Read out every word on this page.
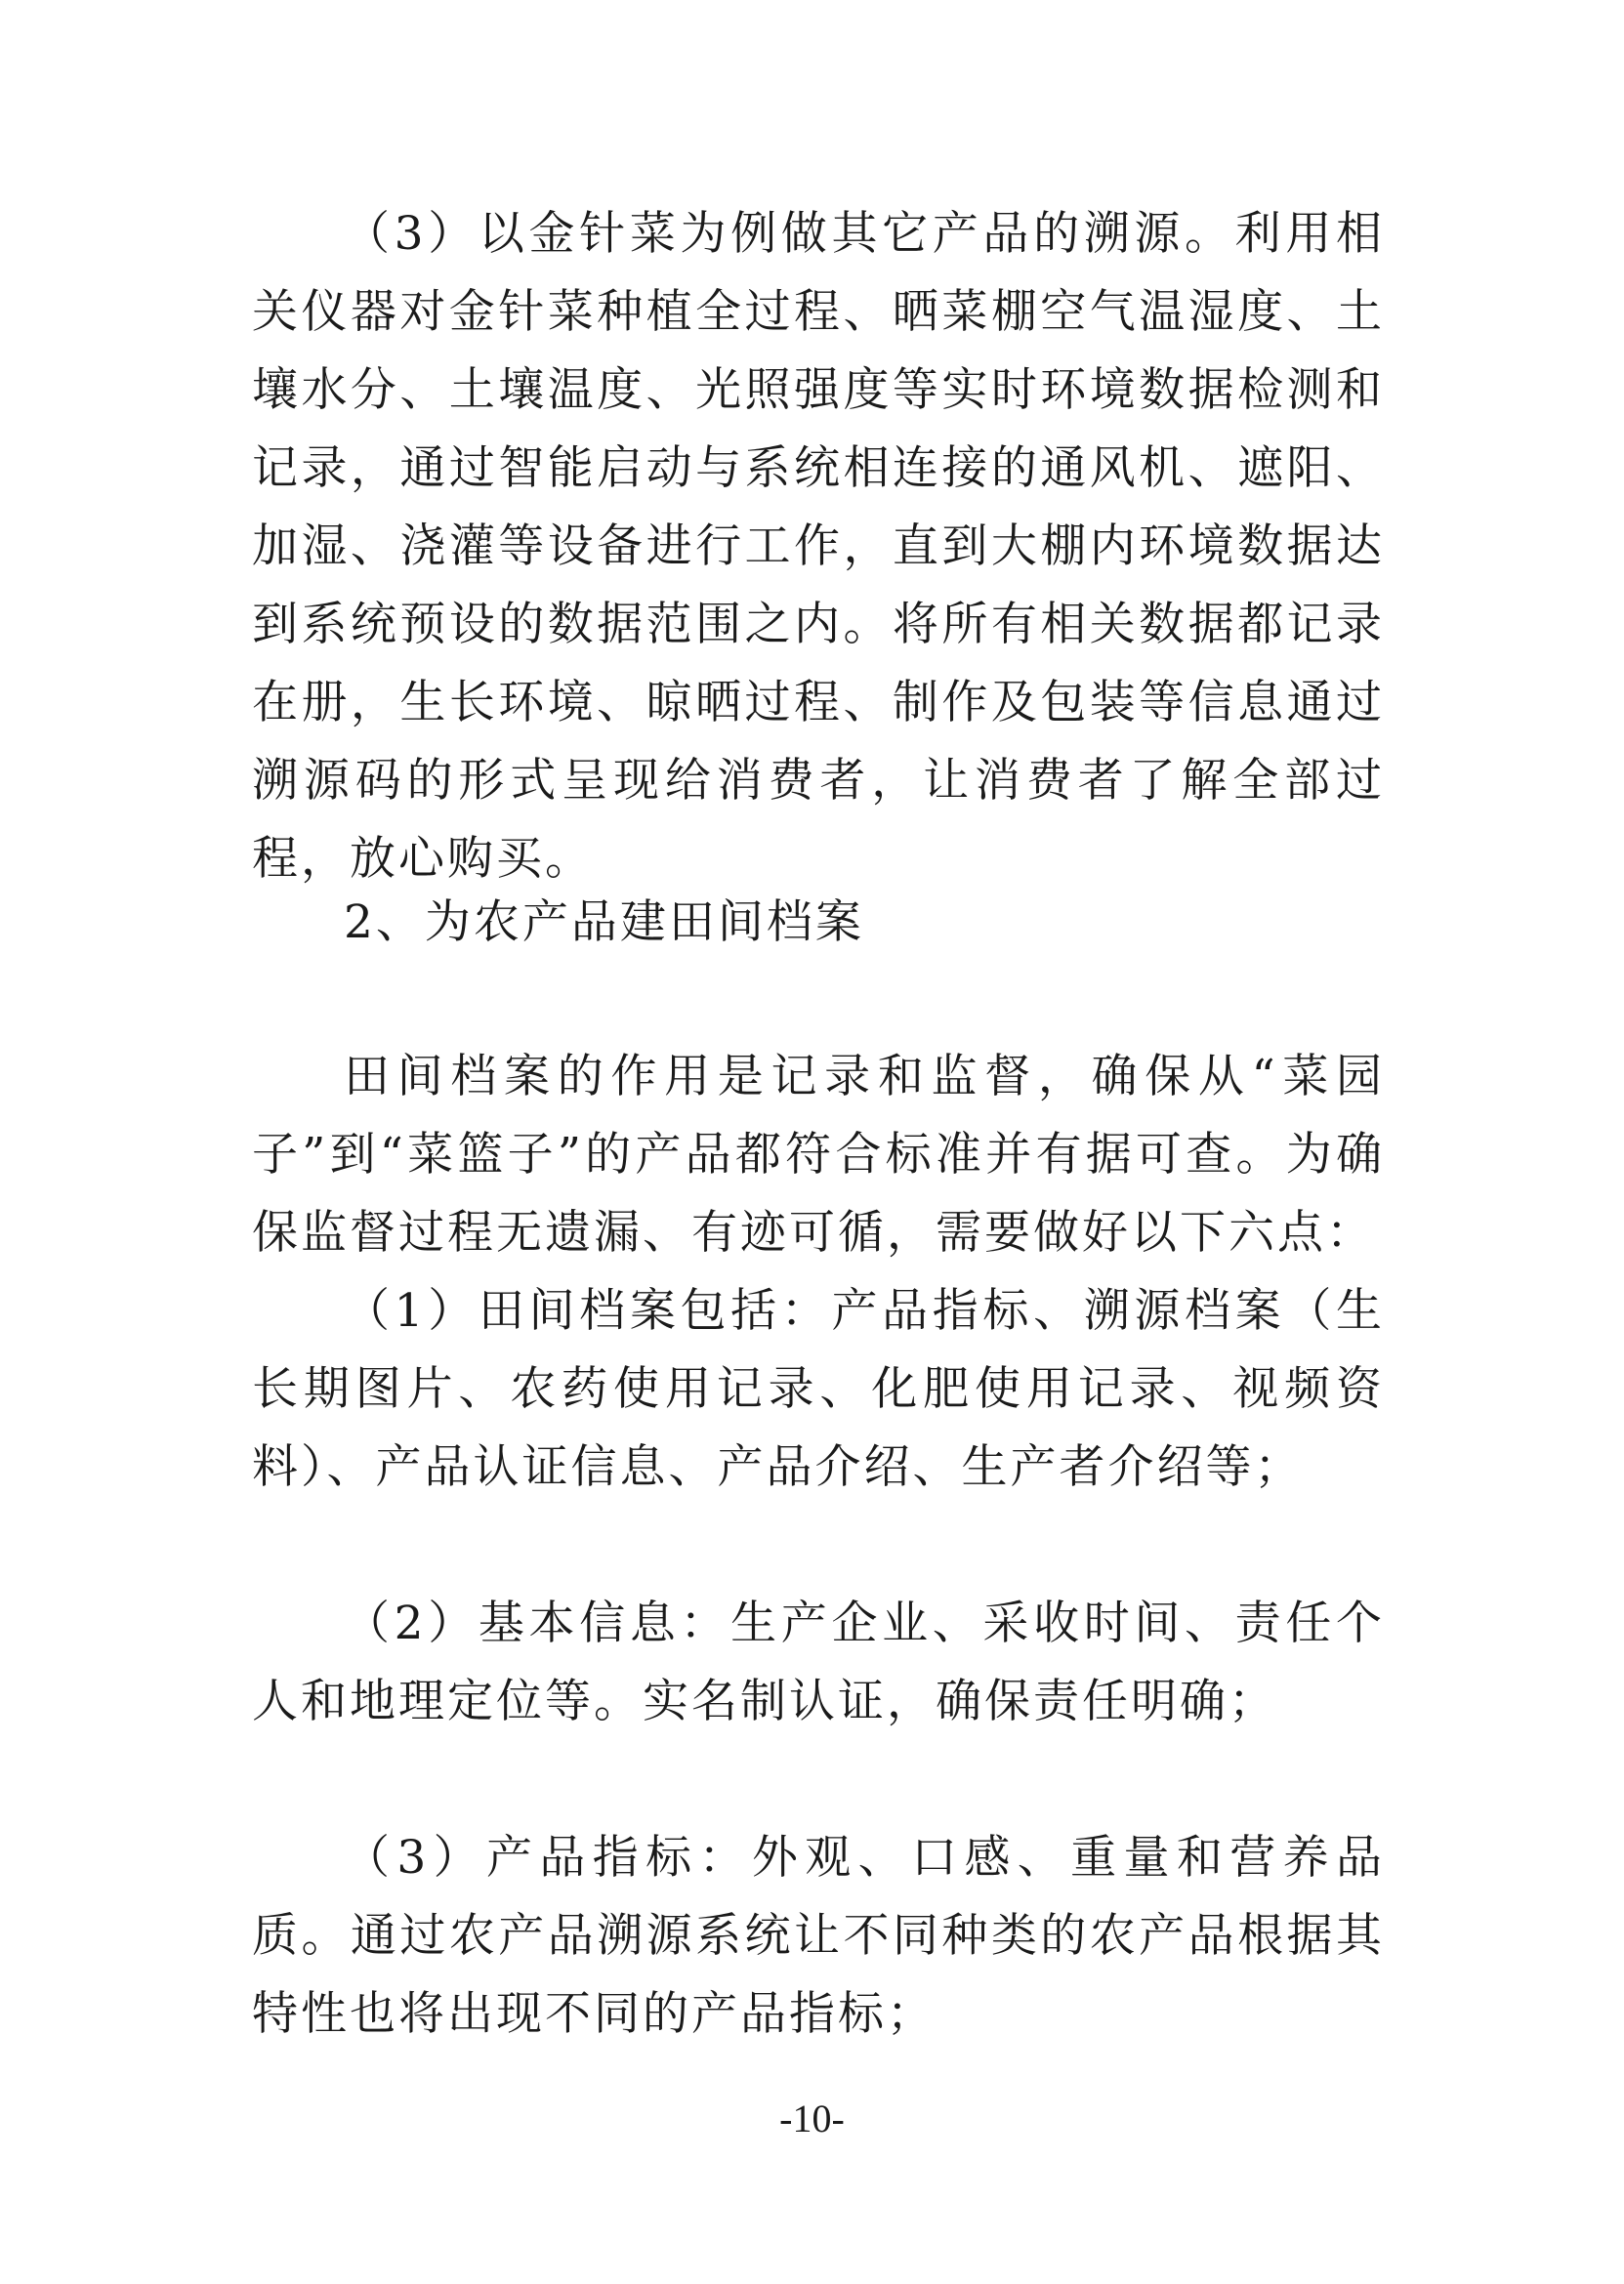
（3）以金针菜为例做其它产品的溯源。利用相关仪器对金针菜种植全过程、晒菜棚空气温湿度、土壤水分、土壤温度、光照强度等实时环境数据检测和记录，通过智能启动与系统相连接的通风机、遮阳、加湿、浇灌等设备进行工作，直到大棚内环境数据达到系统预设的数据范围之内。将所有相关数据都记录在册，生长环境、晾晒过程、制作及包装等信息通过溯源码的形式呈现给消费者，让消费者了解全部过程，放心购买。

2、为农产品建田间档案

田间档案的作用是记录和监督，确保从“菜园子”到“菜篮子”的产品都符合标准并有据可查。为确保监督过程无遗漏、有迹可循，需要做好以下六点：

（1）田间档案包括：产品指标、溯源档案（生长期图片、农药使用记录、化肥使用记录、视频资料）、产品认证信息、产品介绍、生产者介绍等；

（2）基本信息：生产企业、采收时间、责任个人和地理定位等。实名制认证，确保责任明确；

（3）产品指标：外观、口感、重量和营养品质。通过农产品溯源系统让不同种类的农产品根据其特性也将出现不同的产品指标；

-10-
